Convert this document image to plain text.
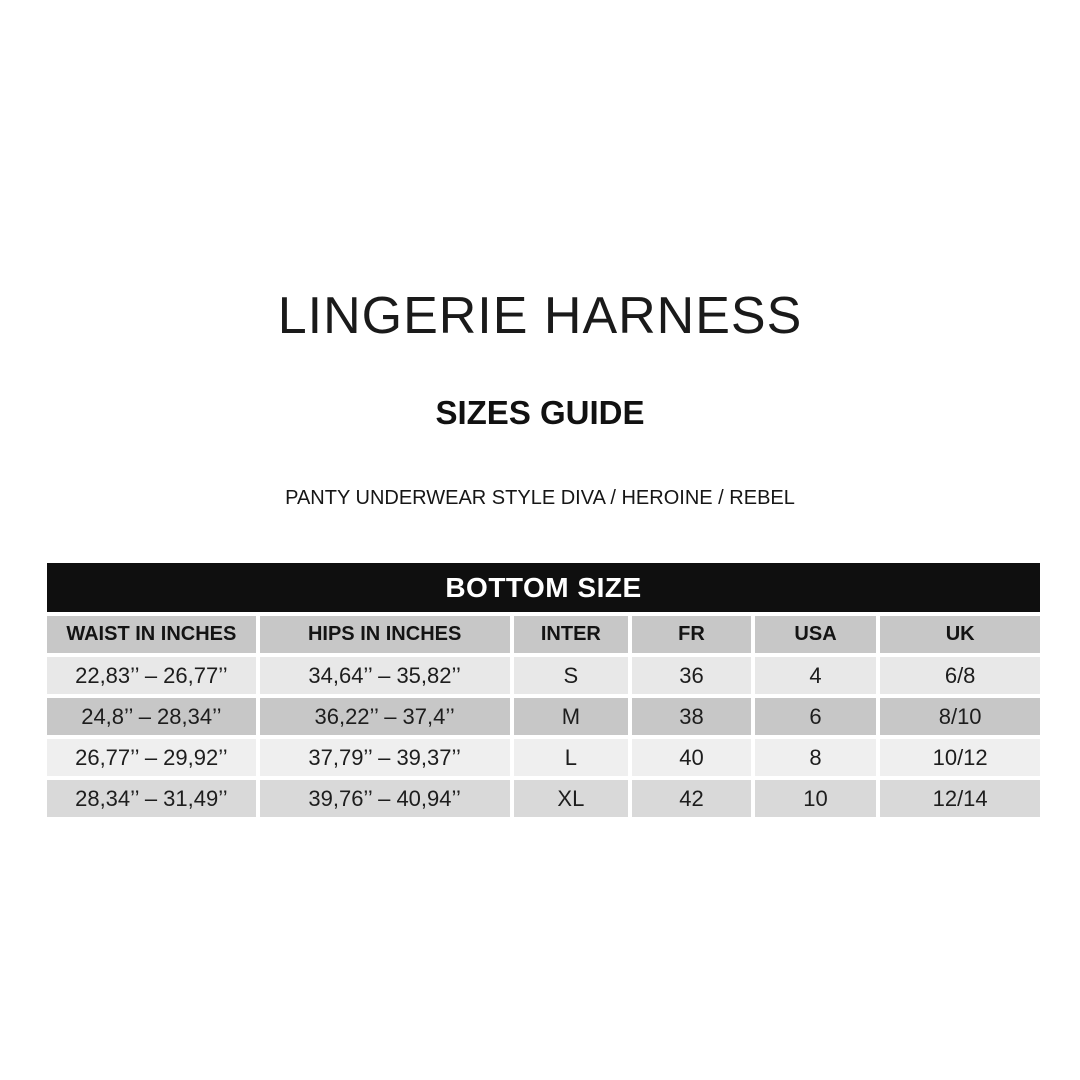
LINGERIE HARNESS
SIZES GUIDE
PANTY UNDERWEAR STYLE DIVA / HEROINE / REBEL
BOTTOM SIZE
WAIST IN INCHES	HIPS IN INCHES	INTER	FR	USA	UK
22,83’’ – 26,77’’	34,64’’ – 35,82’’	S	36	4	6/8
24,8’’ – 28,34’’	36,22’’ – 37,4’’	M	38	6	8/10
26,77’’ – 29,92’’	37,79’’ – 39,37’’	L	40	8	10/12
28,34’’ – 31,49’’	39,76’’ – 40,94’’	XL	42	10	12/14
